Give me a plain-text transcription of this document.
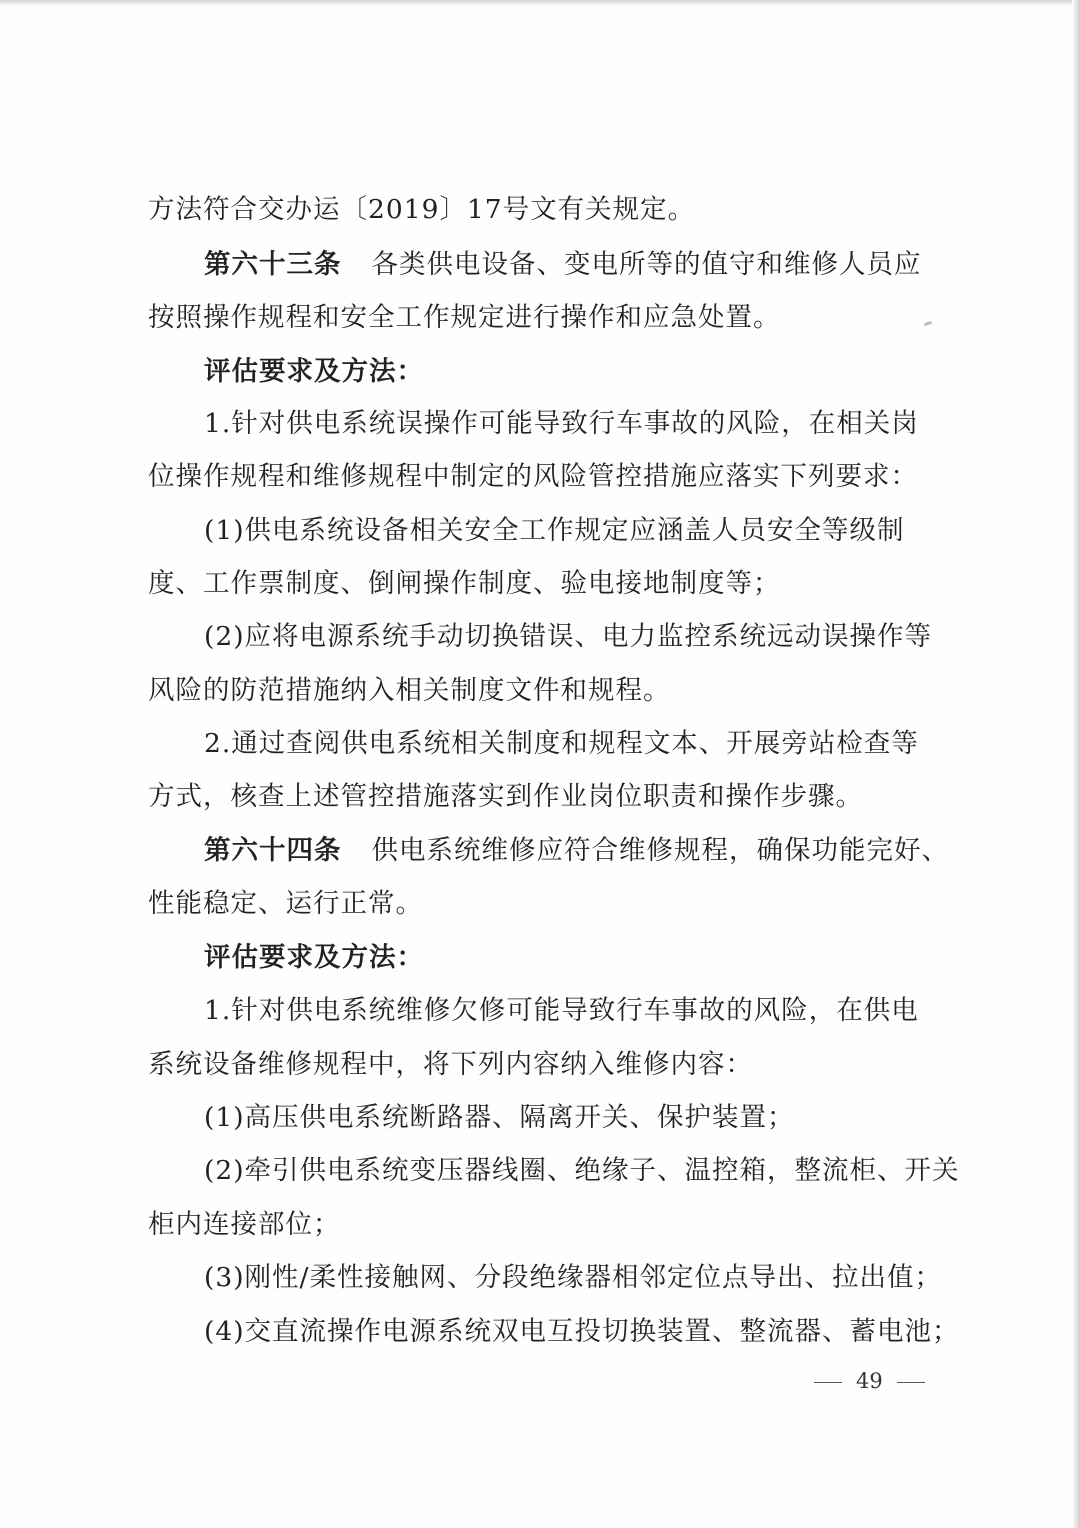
方法符合交办运〔2019〕17号文有关规定。
第六十三条 各类供电设备、变电所等的值守和维修人员应
按照操作规程和安全工作规定进行操作和应急处置。
评估要求及方法：
1.针对供电系统误操作可能导致行车事故的风险，在相关岗
位操作规程和维修规程中制定的风险管控措施应落实下列要求：
(1)供电系统设备相关安全工作规定应涵盖人员安全等级制
度、工作票制度、倒闸操作制度、验电接地制度等；
(2)应将电源系统手动切换错误、电力监控系统远动误操作等
风险的防范措施纳入相关制度文件和规程。
2.通过查阅供电系统相关制度和规程文本、开展旁站检查等
方式，核查上述管控措施落实到作业岗位职责和操作步骤。
第六十四条 供电系统维修应符合维修规程，确保功能完好、
性能稳定、运行正常。
评估要求及方法：
1.针对供电系统维修欠修可能导致行车事故的风险，在供电
系统设备维修规程中，将下列内容纳入维修内容：
(1)高压供电系统断路器、隔离开关、保护装置；
(2)牵引供电系统变压器线圈、绝缘子、温控箱，整流柜、开关
柜内连接部位；
(3)刚性/柔性接触网、分段绝缘器相邻定位点导出、拉出值；
(4)交直流操作电源系统双电互投切换装置、整流器、蓄电池；
49
